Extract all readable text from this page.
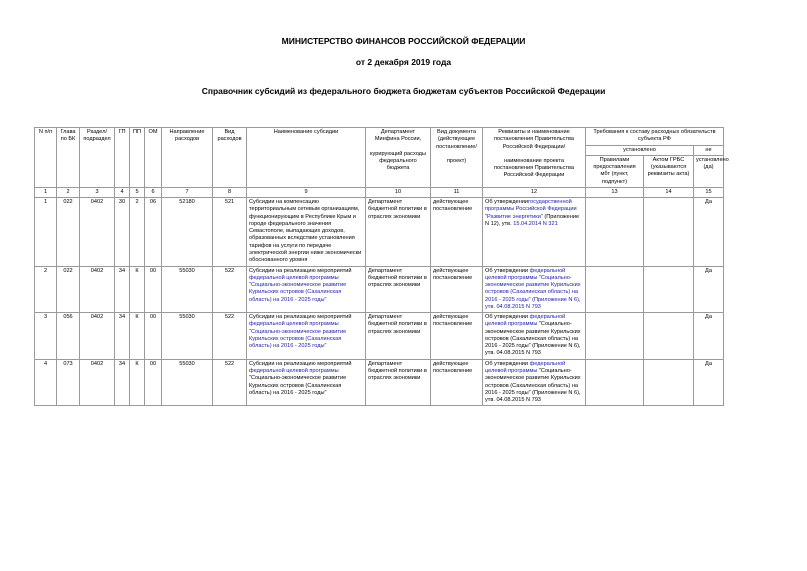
МИНИСТЕРСТВО ФИНАНСОВ РОССИЙСКОЙ ФЕДЕРАЦИИ
от 2 декабря 2019 года
Справочник субсидий из федерального бюджета бюджетам субъектов Российской Федерации
N п/п	Глава по БК	Раздел/ подраздел	ГП	ПП	ОМ	Направление расходов	Вид расходов	Наименование субсидии	Департамент Минфина России,
курирующий расходы федерального бюджета	Вид документа (действующее постановление/
проект)	Реквизиты и наименование постановления Правительства Российской Федерации/
наименование проекта постановления Правительства Российской Федерации	Требования к составу расходных обязательств субъекта РФ		
												установлено		не
												Правилами предоставления мбт (пункт, подпункт)	Актом ГРБС (указываются реквизиты акта)	установлено (да)
1	2	3	4	5	6	7	8	9	10	11	12	13	14	15
1	022	0402	30	2	06	52180	521	Субсидии на компенсацию территориальным сетевым организациям, функционирующим в Республике Крым и городе федерального значения Севастополе, выпадающих доходов, образованных вследствие установления тарифов на услуги по передаче электрической энергии ниже экономически обоснованного уровня	Департамент бюджетной политики в отраслях экономики	действующее постановление	Об утверждениигосударственной программы Российской Федерации "Развитие энергетики" (Приложение N 12), утв. 15.04.2014 N 321			Да
2	022	0402	34	К	00	55030	522	Субсидии на реализацию мероприятий федеральной целевой программы "Социально-экономическое развитие Курильских островов (Сахалинская область) на 2016 - 2025 годы"	Департамент бюджетной политики в отраслях экономики	действующее постановление	Об утверждении федеральной целевой программы "Социально-экономическое развитие Курильских островов (Сахалинская область) на 2016 - 2025 годы" (Приложение N 6), утв. 04.08.2015 N 793			Да
3	056	0402	34	К	00	55030	522	Субсидии на реализацию мероприятий федеральной целевой программы "Социально-экономическое развитие Курильских островов (Сахалинская область) на 2016 - 2025 годы"	Департамент бюджетной политики в отраслях экономики	действующее постановление	Об утверждении федеральной целевой программы "Социально-экономическое развитие Курильских островов (Сахалинская область) на 2016 - 2025 годы" (Приложение N 6), утв. 04.08.2015 N 793			Да
4	073	0402	34	К	00	55030	522	Субсидии на реализацию мероприятий федеральной целевой программы "Социально-экономическое развитие Курильских островов (Сахалинская область) на 2016 - 2025 годы"	Департамент бюджетной политики в отраслях экономики	действующее постановление	Об утверждении федеральной целевой программы "Социально-экономическое развитие Курильских островов (Сахалинская область) на 2016 - 2025 годы" (Приложение N 6), утв. 04.08.2015 N 793			Да
